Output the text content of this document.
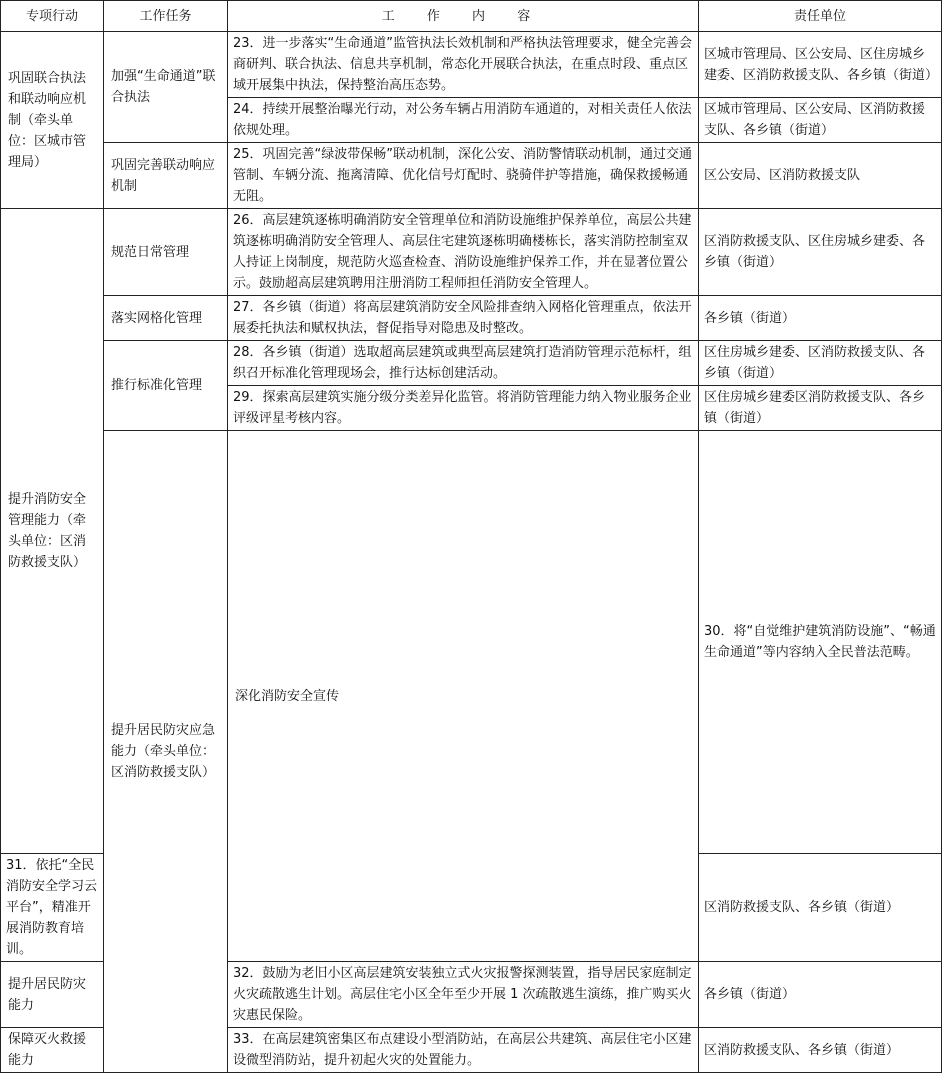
专项行动	工作任务	工 作 内 容	责任单位	
巩固联合执法和联动响应机制（牵头单位：区城市管理局）	加强“生命通道”联合执法	23．进一步落实“生命通道”监管执法长效机制和严格执法管理要求，健全完善会商研判、联合执法、信息共享机制，常态化开展联合执法，在重点时段、重点区域开展集中执法，保持整治高压态势。	区城市管理局、区公安局、区住房城乡建委、区消防救援支队、各乡镇（街道）	
		24．持续开展整治曝光行动，对公务车辆占用消防车通道的，对相关责任人依法依规处理。	区城市管理局、区公安局、区消防救援支队、各乡镇（街道）	
	巩固完善联动响应机制	25．巩固完善“绿波带保畅”联动机制，深化公安、消防警情联动机制，通过交通管制、车辆分流、拖离清障、优化信号灯配时、骁骑伴护等措施，确保救援畅通无阻。	区公安局、区消防救援支队	
提升消防安全管理能力（牵头单位：区消防救援支队）	规范日常管理	26．高层建筑逐栋明确消防安全管理单位和消防设施维护保养单位，高层公共建筑逐栋明确消防安全管理人、高层住宅建筑逐栋明确楼栋长，落实消防控制室双人持证上岗制度，规范防火巡查检查、消防设施维护保养工作，并在显著位置公示。鼓励超高层建筑聘用注册消防工程师担任消防安全管理人。	区消防救援支队、区住房城乡建委、各乡镇（街道）	
	落实网格化管理	27．各乡镇（街道）将高层建筑消防安全风险排查纳入网格化管理重点，依法开展委托执法和赋权执法，督促指导对隐患及时整改。	各乡镇（街道）	
	推行标准化管理	28．各乡镇（街道）选取超高层建筑或典型高层建筑打造消防管理示范标杆，组织召开标准化管理现场会，推行达标创建活动。	区住房城乡建委、区消防救援支队、各乡镇（街道）	
		29．探索高层建筑实施分级分类差异化监管。将消防管理能力纳入物业服务企业评级评星考核内容。	区住房城乡建委区消防救援支队、各乡镇（街道）	
	提升居民防灾应急能力（牵头单位：区消防救援支队）	深化消防安全宣传	30．将“自觉维护建筑消防设施”、“畅通生命通道”等内容纳入全民普法范畴。	
31．依托“全民消防安全学习云平台”，精准开展消防教育培训。			区消防救援支队、各乡镇（街道）	
提升居民防灾能力		32．鼓励为老旧小区高层建筑安装独立式火灾报警探测装置，指导居民家庭制定火灾疏散逃生计划。高层住宅小区全年至少开展 1 次疏散逃生演练，推广购买火灾惠民保险。	各乡镇（街道）	
保障灭火救援能力		33．在高层建筑密集区布点建设小型消防站，在高层公共建筑、高层住宅小区建设微型消防站，提升初起火灾的处置能力。	区消防救援支队、各乡镇（街道）	
